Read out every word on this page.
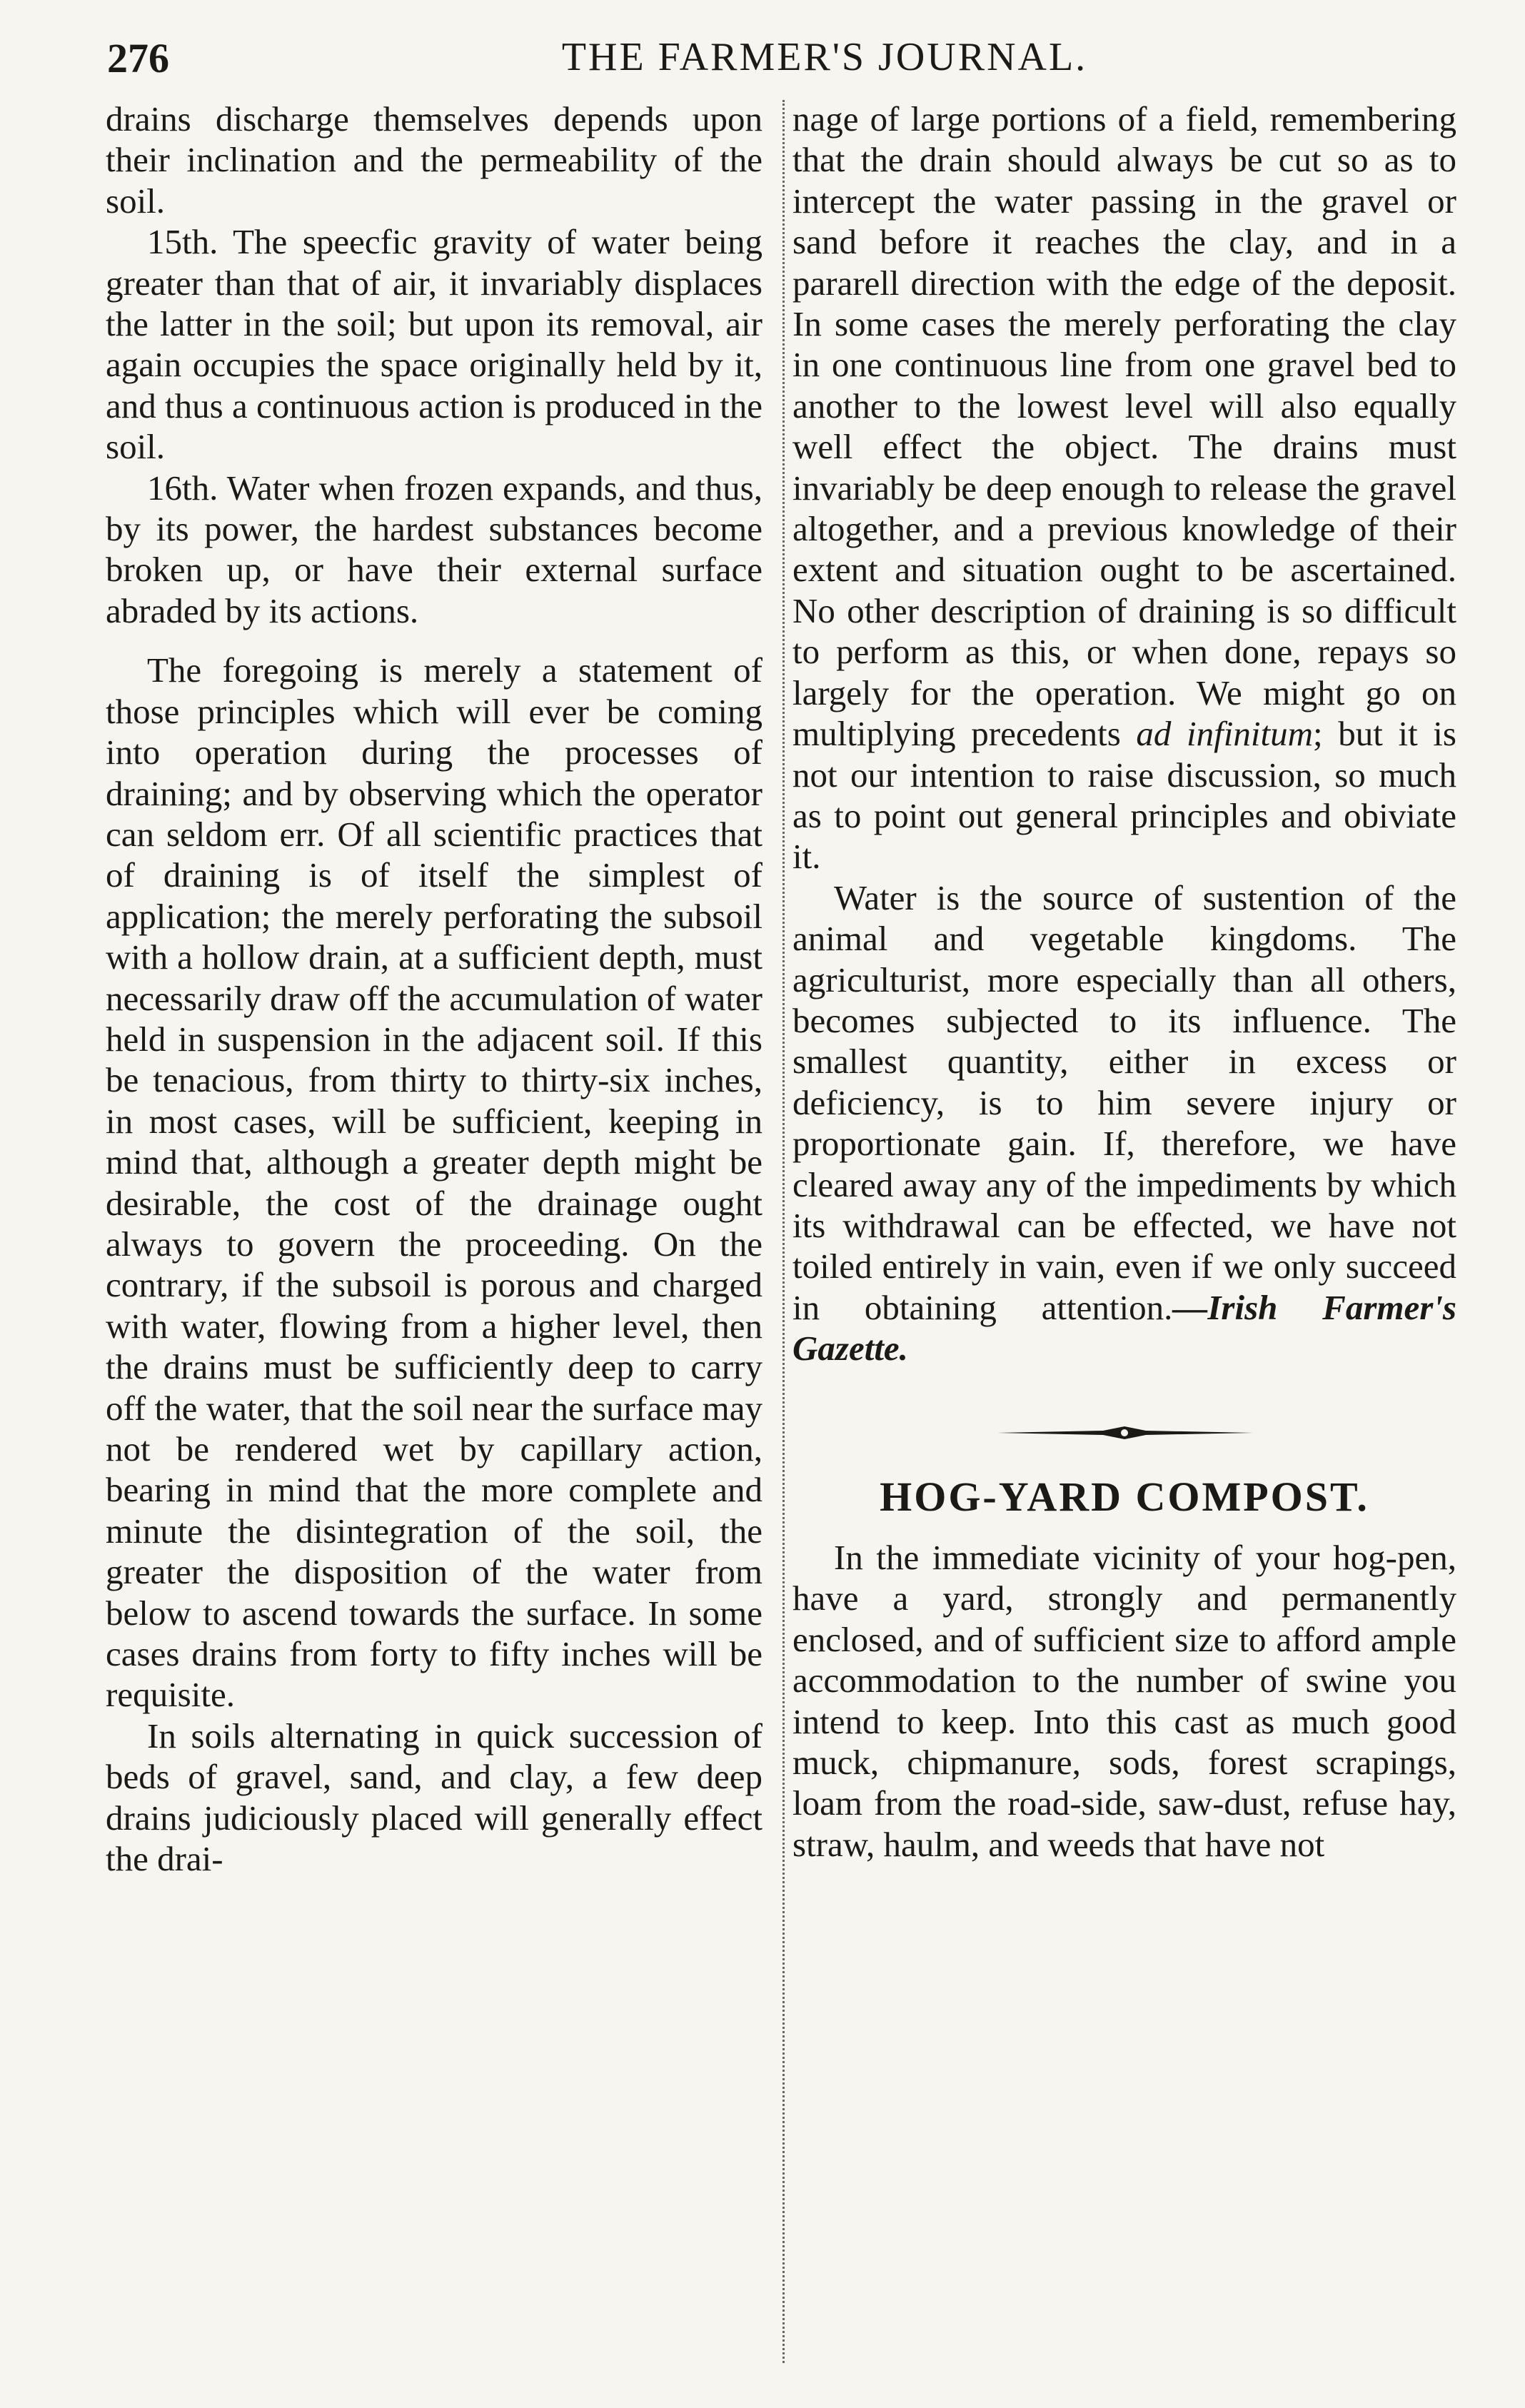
276	THE FARMER'S JOURNAL.

drains discharge themselves depends upon their inclination and the permeability of the soil.

15th. The speecfic gravity of water being greater than that of air, it invariably displaces the latter in the soil; but upon its removal, air again occupies the space originally held by it, and thus a continuous action is produced in the soil.

16th. Water when frozen expands, and thus, by its power, the hardest substances become broken up, or have their external surface abraded by its actions.

The foregoing is merely a statement of those principles which will ever be coming into operation during the processes of draining; and by observing which the operator can seldom err. Of all scientific practices that of draining is of itself the simplest of application; the merely perforating the subsoil with a hollow drain, at a sufficient depth, must necessarily draw off the accumulation of water held in suspension in the adjacent soil. If this be tenacious, from thirty to thirty-six inches, in most cases, will be sufficient, keeping in mind that, although a greater depth might be desirable, the cost of the drainage ought always to govern the proceeding. On the contrary, if the subsoil is porous and charged with water, flowing from a higher level, then the drains must be sufficiently deep to carry off the water, that the soil near the surface may not be rendered wet by capillary action, bearing in mind that the more complete and minute the disintegration of the soil, the greater the disposition of the water from below to ascend towards the surface. In some cases drains from forty to fifty inches will be requisite.

In soils alternating in quick succession of beds of gravel, sand, and clay, a few deep drains judiciously placed will generally effect the drai-

nage of large portions of a field, remembering that the drain should always be cut so as to intercept the water passing in the gravel or sand before it reaches the clay, and in a pararell direction with the edge of the deposit. In some cases the merely perforating the clay in one continuous line from one gravel bed to another to the lowest level will also equally well effect the object. The drains must invariably be deep enough to release the gravel altogether, and a previous knowledge of their extent and situation ought to be ascertained. No other description of draining is so difficult to perform as this, or when done, repays so largely for the operation. We might go on multiplying precedents ad infinitum; but it is not our intention to raise discussion, so much as to point out general principles and obiviate it.

Water is the source of sustention of the animal and vegetable kingdoms. The agriculturist, more especially than all others, becomes subjected to its influence. The smallest quantity, either in excess or deficiency, is to him severe injury or proportionate gain. If, therefore, we have cleared away any of the impediments by which its withdrawal can be effected, we have not toiled entirely in vain, even if we only succeed in obtaining attention.—Irish Farmer's Gazette.

HOG-YARD COMPOST.

In the immediate vicinity of your hog-pen, have a yard, strongly and permanently enclosed, and of sufficient size to afford ample accommodation to the number of swine you intend to keep. Into this cast as much good muck, chipmanure, sods, forest scrapings, loam from the road-side, saw-dust, refuse hay, straw, haulm, and weeds that have not
